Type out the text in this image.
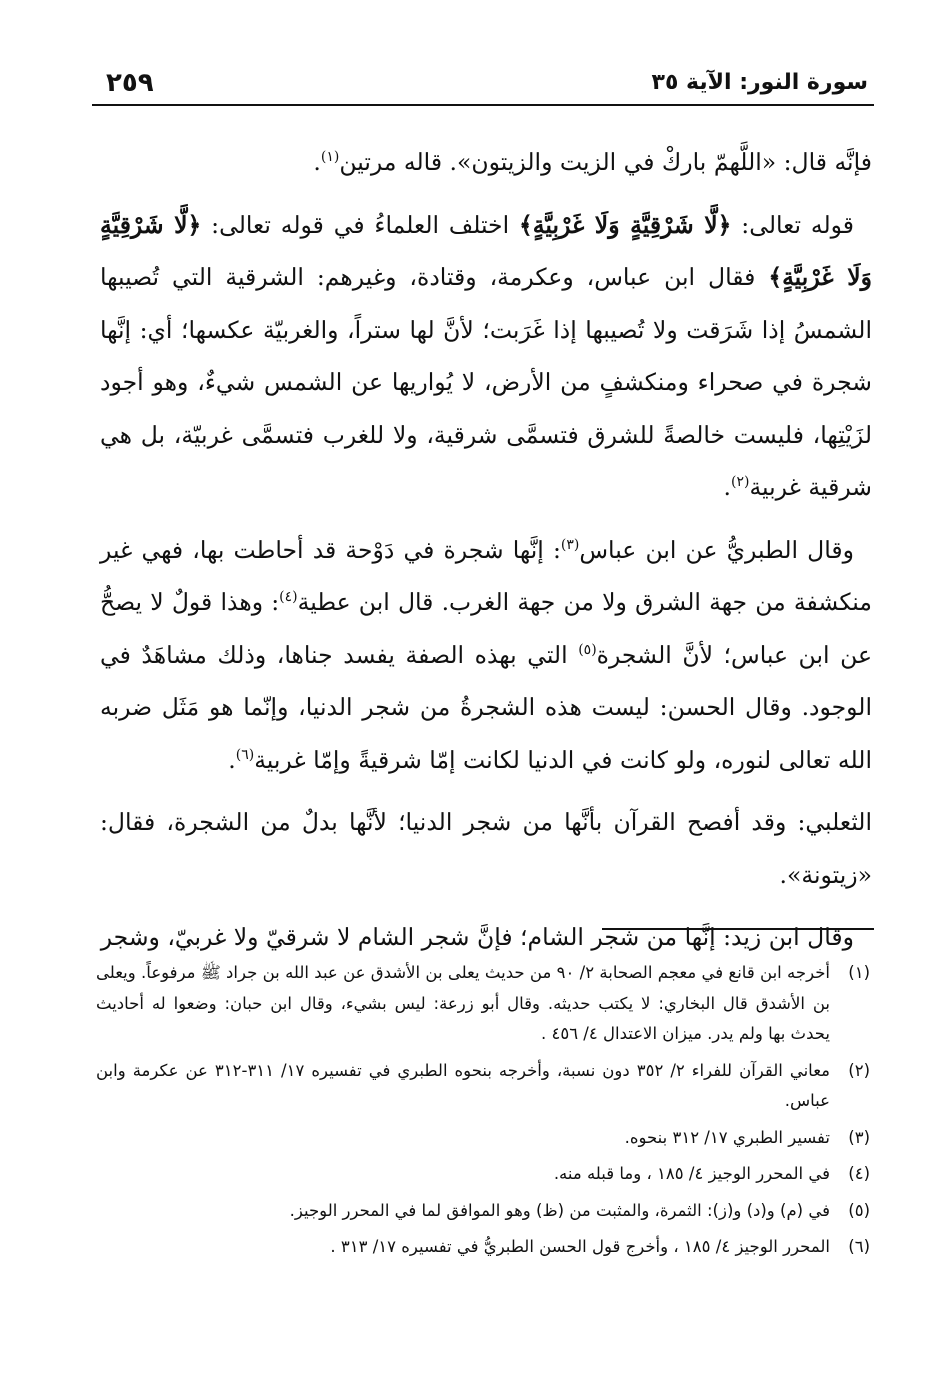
سورة النور: الآية ٣٥
٢٥٩

فإنَّه قال: «اللَّهمّ باركْ في الزيت والزيتون». قاله مرتين$^{(١)}$.

قوله تعالى: ﴿لَّا شَرْقِيَّةٍ وَلَا غَرْبِيَّةٍ﴾ اختلف العلماءُ في قوله تعالى: ﴿لَّا شَرْقِيَّةٍ وَلَا غَرْبِيَّةٍ﴾ فقال ابن عباس، وعكرمة، وقتادة، وغيرهم: الشرقية التي تُصيبها الشمسُ إذا شَرَقت ولا تُصيبها إذا غَرَبت؛ لأنَّ لها ستراً، والغربيّة عكسها؛ أي: إنَّها شجرة في صحراء ومنكشفٍ من الأرض، لا يُواريها عن الشمس شيءٌ، وهو أجود لزَيْتِها، فليست خالصةً للشرق فتسمَّى شرقية، ولا للغرب فتسمَّى غربيّة، بل هي شرقية غربية$^{(٢)}$.

وقال الطبريُّ عن ابن عباس$^{(٣)}$: إنَّها شجرة في دَوْحة قد أحاطت بها، فهي غير منكشفة من جهة الشرق ولا من جهة الغرب. قال ابن عطية$^{(٤)}$: وهذا قولٌ لا يصحُّ عن ابن عباس؛ لأنَّ الشجرة$^{(٥)}$ التي بهذه الصفة يفسد جناها، وذلك مشاهَدٌ في الوجود. وقال الحسن: ليست هذه الشجرةُ من شجر الدنيا، وإنّما هو مَثَل ضربه الله تعالى لنوره، ولو كانت في الدنيا لكانت إمّا شرقيةً وإمّا غربية$^{(٦)}$.

الثعلبي: وقد أفصح القرآن بأنَّها من شجر الدنيا؛ لأنَّها بدلٌ من الشجرة، فقال: «زيتونة».

وقال ابن زيد: إنَّها من شجر الشام؛ فإنَّ شجر الشام لا شرقيّ ولا غربيّ، وشجر

(١)
أخرجه ابن قانع في معجم الصحابة ٢/ ٩٠ من حديث يعلى بن الأشدق عن عبد الله بن جراد ﷺ مرفوعاً. ويعلى بن الأشدق قال البخاري: لا يكتب حديثه. وقال أبو زرعة: ليس بشيء، وقال ابن حبان: وضعوا له أحاديث يحدث بها ولم يدر. ميزان الاعتدال ٤/ ٤٥٦ .
(٢)
معاني القرآن للفراء ٢/ ٣٥٢ دون نسبة، وأخرجه بنحوه الطبري في تفسيره ١٧/ ٣١١-٣١٢ عن عكرمة وابن عباس.
(٣)
تفسير الطبري ١٧/ ٣١٢ بنحوه.
(٤)
في المحرر الوجيز ٤/ ١٨٥ ، وما قبله منه.
(٥)
في (م) و(د) و(ز): الثمرة، والمثبت من (ظ) وهو الموافق لما في المحرر الوجيز.
(٦)
المحرر الوجيز ٤/ ١٨٥ ، وأخرج قول الحسن الطبريُّ في تفسيره ١٧/ ٣١٣ .
